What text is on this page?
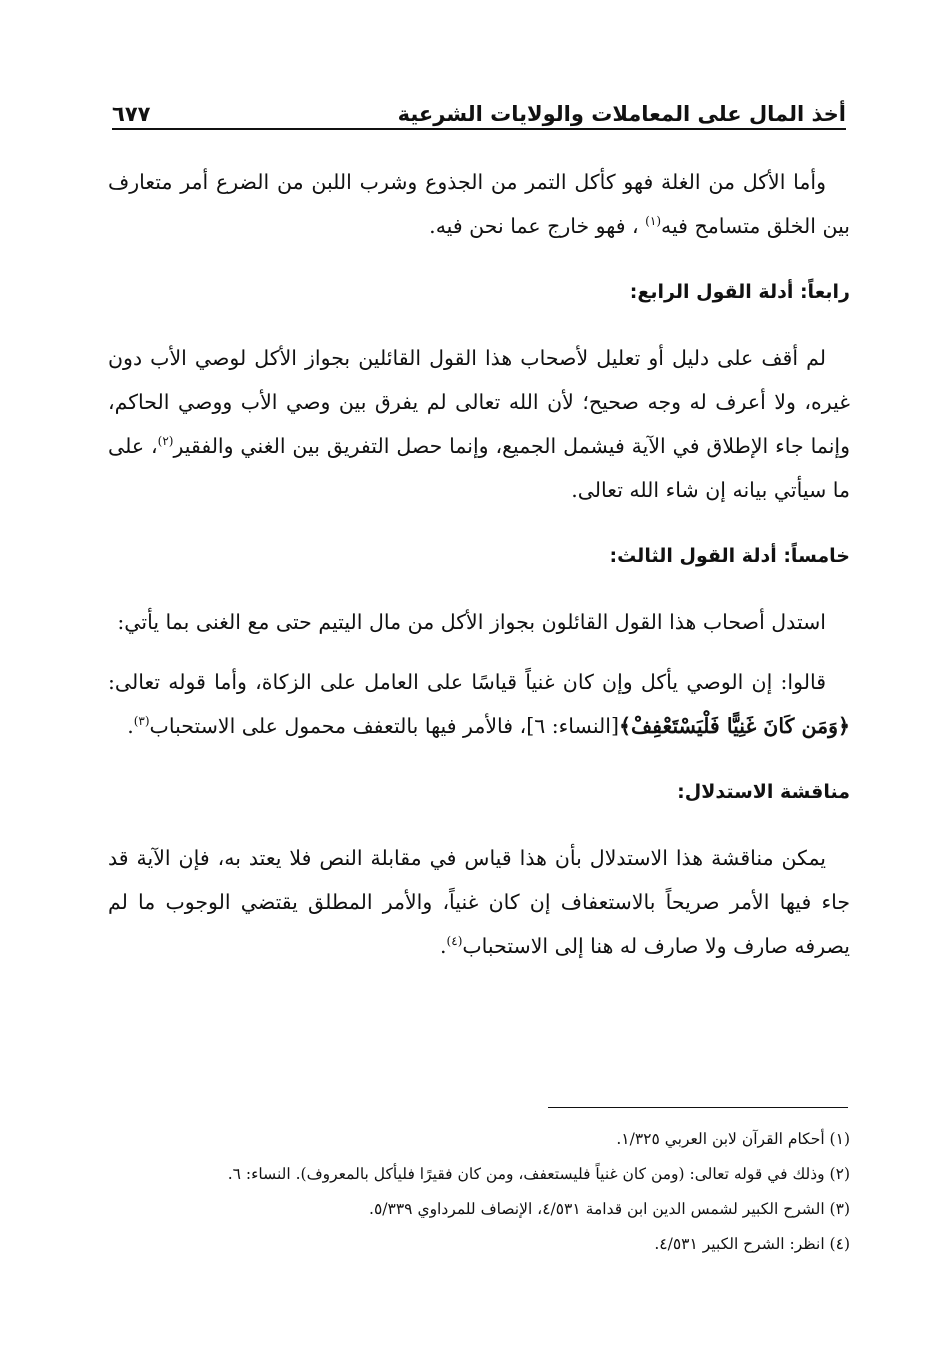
أخذ المال على المعاملات والولايات الشرعية
٦٧٧

وأما الأكل من الغلة فهو كأكل التمر من الجذوع وشرب اللبن من الضرع أمر متعارف بين الخلق متسامح فيه$^{(١)}$ ، فهو خارج عما نحن فيه.

رابعاً: أدلة القول الرابع:

لم أقف على دليل أو تعليل لأصحاب هذا القول القائلين بجواز الأكل لوصي الأب دون غيره، ولا أعرف له وجه صحيح؛ لأن الله تعالى لم يفرق بين وصي الأب ووصي الحاكم، وإنما جاء الإطلاق في الآية فيشمل الجميع، وإنما حصل التفريق بين الغني والفقير$^{(٢)}$، على ما سيأتي بيانه إن شاء الله تعالى.

خامساً: أدلة القول الثالث:

استدل أصحاب هذا القول القائلون بجواز الأكل من مال اليتيم حتى مع الغنى بما يأتي:

قالوا: إن الوصي يأكل وإن كان غنياً قياسًا على العامل على الزكاة، وأما قوله تعالى: ﴿وَمَن كَانَ غَنِيًّا فَلْيَسْتَعْفِفْ﴾[النساء: ٦]، فالأمر فيها بالتعفف محمول على الاستحباب$^{(٣)}$.

مناقشة الاستدلال:

يمكن مناقشة هذا الاستدلال بأن هذا قياس في مقابلة النص فلا يعتد به، فإن الآية قد جاء فيها الأمر صريحاً بالاستعفاف إن كان غنياً، والأمر المطلق يقتضي الوجوب ما لم يصرفه صارف ولا صارف له هنا إلى الاستحباب$^{(٤)}$.

(١) أحكام القرآن لابن العربي ١/٣٢٥.
(٢) وذلك في قوله تعالى: (ومن كان غنياً فليستعفف، ومن كان فقيرًا فليأكل بالمعروف). النساء: ٦.
(٣) الشرح الكبير لشمس الدين ابن قدامة ٤/٥٣١، الإنصاف للمرداوي ٥/٣٣٩.
(٤) انظر: الشرح الكبير ٤/٥٣١.
